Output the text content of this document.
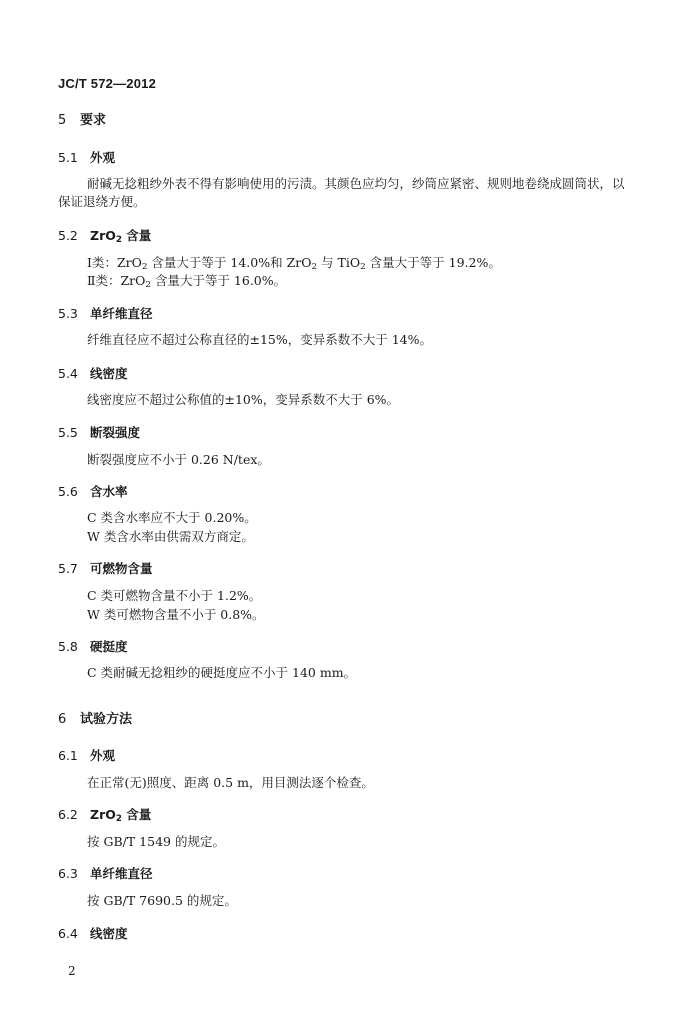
JC/T 572—2012
5 要求
5.1 外观
耐碱无捻粗纱外表不得有影响使用的污渍。其颜色应均匀，纱筒应紧密、规则地卷绕成圆筒状，以
保证退绕方便。
5.2 ZrO$_2$ 含量
Ⅰ类：ZrO$_2$ 含量大于等于 14.0%和 ZrO$_2$ 与 TiO$_2$ 含量大于等于 19.2%。
Ⅱ类：ZrO$_2$ 含量大于等于 16.0%。
5.3 单纤维直径
纤维直径应不超过公称直径的±15%，变异系数不大于 14%。
5.4 线密度
线密度应不超过公称值的±10%，变异系数不大于 6%。
5.5 断裂强度
断裂强度应不小于 0.26 N/tex。
5.6 含水率
C 类含水率应不大于 0.20%。
W 类含水率由供需双方商定。
5.7 可燃物含量
C 类可燃物含量不小于 1.2%。
W 类可燃物含量不小于 0.8%。
5.8 硬挺度
C 类耐碱无捻粗纱的硬挺度应不小于 140 mm。
6 试验方法
6.1 外观
在正常(无)照度、距离 0.5 m，用目测法逐个检查。
6.2 ZrO$_2$ 含量
按 GB/T 1549 的规定。
6.3 单纤维直径
按 GB/T 7690.5 的规定。
6.4 线密度
2
